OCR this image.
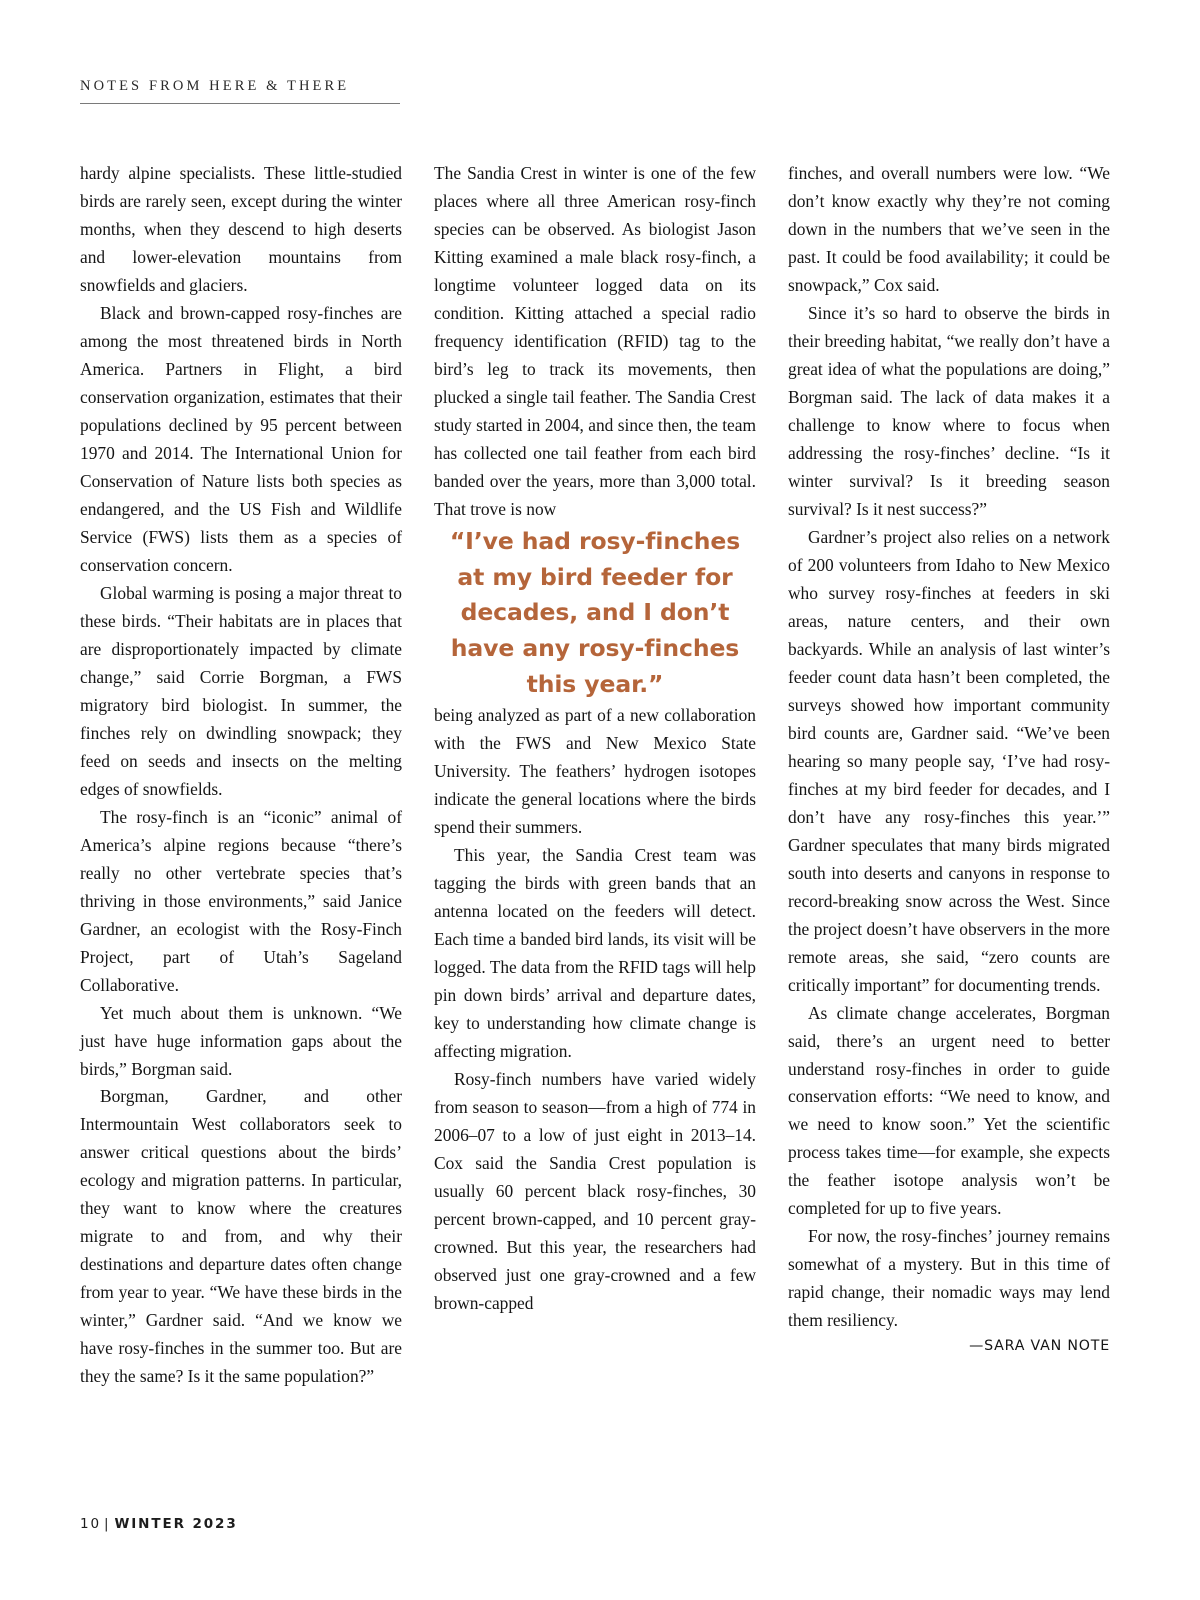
NOTES FROM HERE & THERE

hardy alpine specialists. These little-studied birds are rarely seen, except during the winter months, when they descend to high deserts and lower-elevation mountains from snowfields and glaciers.

Black and brown-capped rosy-finches are among the most threatened birds in North America. Partners in Flight, a bird conservation organization, estimates that their populations declined by 95 percent between 1970 and 2014. The International Union for Conservation of Nature lists both species as endangered, and the US Fish and Wildlife Service (FWS) lists them as a species of conservation concern.

Global warming is posing a major threat to these birds. “Their habitats are in places that are disproportionately impacted by climate change,” said Corrie Borgman, a FWS migratory bird biologist. In summer, the finches rely on dwindling snowpack; they feed on seeds and insects on the melting edges of snowfields.

The rosy-finch is an “iconic” animal of America’s alpine regions because “there’s really no other vertebrate species that’s thriving in those environments,” said Janice Gardner, an ecologist with the Rosy-Finch Project, part of Utah’s Sageland Collaborative.

Yet much about them is unknown. “We just have huge information gaps about the birds,” Borgman said.

Borgman, Gardner, and other Intermountain West collaborators seek to answer critical questions about the birds’ ecology and migration patterns. In particular, they want to know where the creatures migrate to and from, and why their destinations and departure dates often change from year to year. “We have these birds in the winter,” Gardner said. “And we know we have rosy-finches in the summer too. But are they the same? Is it the same population?”

The Sandia Crest in winter is one of the few places where all three American rosy-finch species can be observed. As biologist Jason Kitting examined a male black rosy-finch, a longtime volunteer logged data on its condition. Kitting attached a special radio frequency identification (RFID) tag to the bird’s leg to track its movements, then plucked a single tail feather. The Sandia Crest study started in 2004, and since then, the team has collected one tail feather from each bird banded over the years, more than 3,000 total. That trove is now

“I’ve had rosy-finches at my bird feeder for decades, and I don’t have any rosy-finches this year.”

being analyzed as part of a new collaboration with the FWS and New Mexico State University. The feathers’ hydrogen isotopes indicate the general locations where the birds spend their summers.

This year, the Sandia Crest team was tagging the birds with green bands that an antenna located on the feeders will detect. Each time a banded bird lands, its visit will be logged. The data from the RFID tags will help pin down birds’ arrival and departure dates, key to understanding how climate change is affecting migration.

Rosy-finch numbers have varied widely from season to season—from a high of 774 in 2006–07 to a low of just eight in 2013–14. Cox said the Sandia Crest population is usually 60 percent black rosy-finches, 30 percent brown-capped, and 10 percent gray-crowned. But this year, the researchers had observed just one gray-crowned and a few brown-capped

finches, and overall numbers were low. “We don’t know exactly why they’re not coming down in the numbers that we’ve seen in the past. It could be food availability; it could be snowpack,” Cox said.

Since it’s so hard to observe the birds in their breeding habitat, “we really don’t have a great idea of what the populations are doing,” Borgman said. The lack of data makes it a challenge to know where to focus when addressing the rosy-finches’ decline. “Is it winter survival? Is it breeding season survival? Is it nest success?”

Gardner’s project also relies on a network of 200 volunteers from Idaho to New Mexico who survey rosy-finches at feeders in ski areas, nature centers, and their own backyards. While an analysis of last winter’s feeder count data hasn’t been completed, the surveys showed how important community bird counts are, Gardner said. “We’ve been hearing so many people say, ‘I’ve had rosy-finches at my bird feeder for decades, and I don’t have any rosy-finches this year.’” Gardner speculates that many birds migrated south into deserts and canyons in response to record-breaking snow across the West. Since the project doesn’t have observers in the more remote areas, she said, “zero counts are critically important” for documenting trends.

As climate change accelerates, Borgman said, there’s an urgent need to better understand rosy-finches in order to guide conservation efforts: “We need to know, and we need to know soon.” Yet the scientific process takes time—for example, she expects the feather isotope analysis won’t be completed for up to five years.

For now, the rosy-finches’ journey remains somewhat of a mystery. But in this time of rapid change, their nomadic ways may lend them resiliency.

—SARA VAN NOTE

10 | WINTER 2023
